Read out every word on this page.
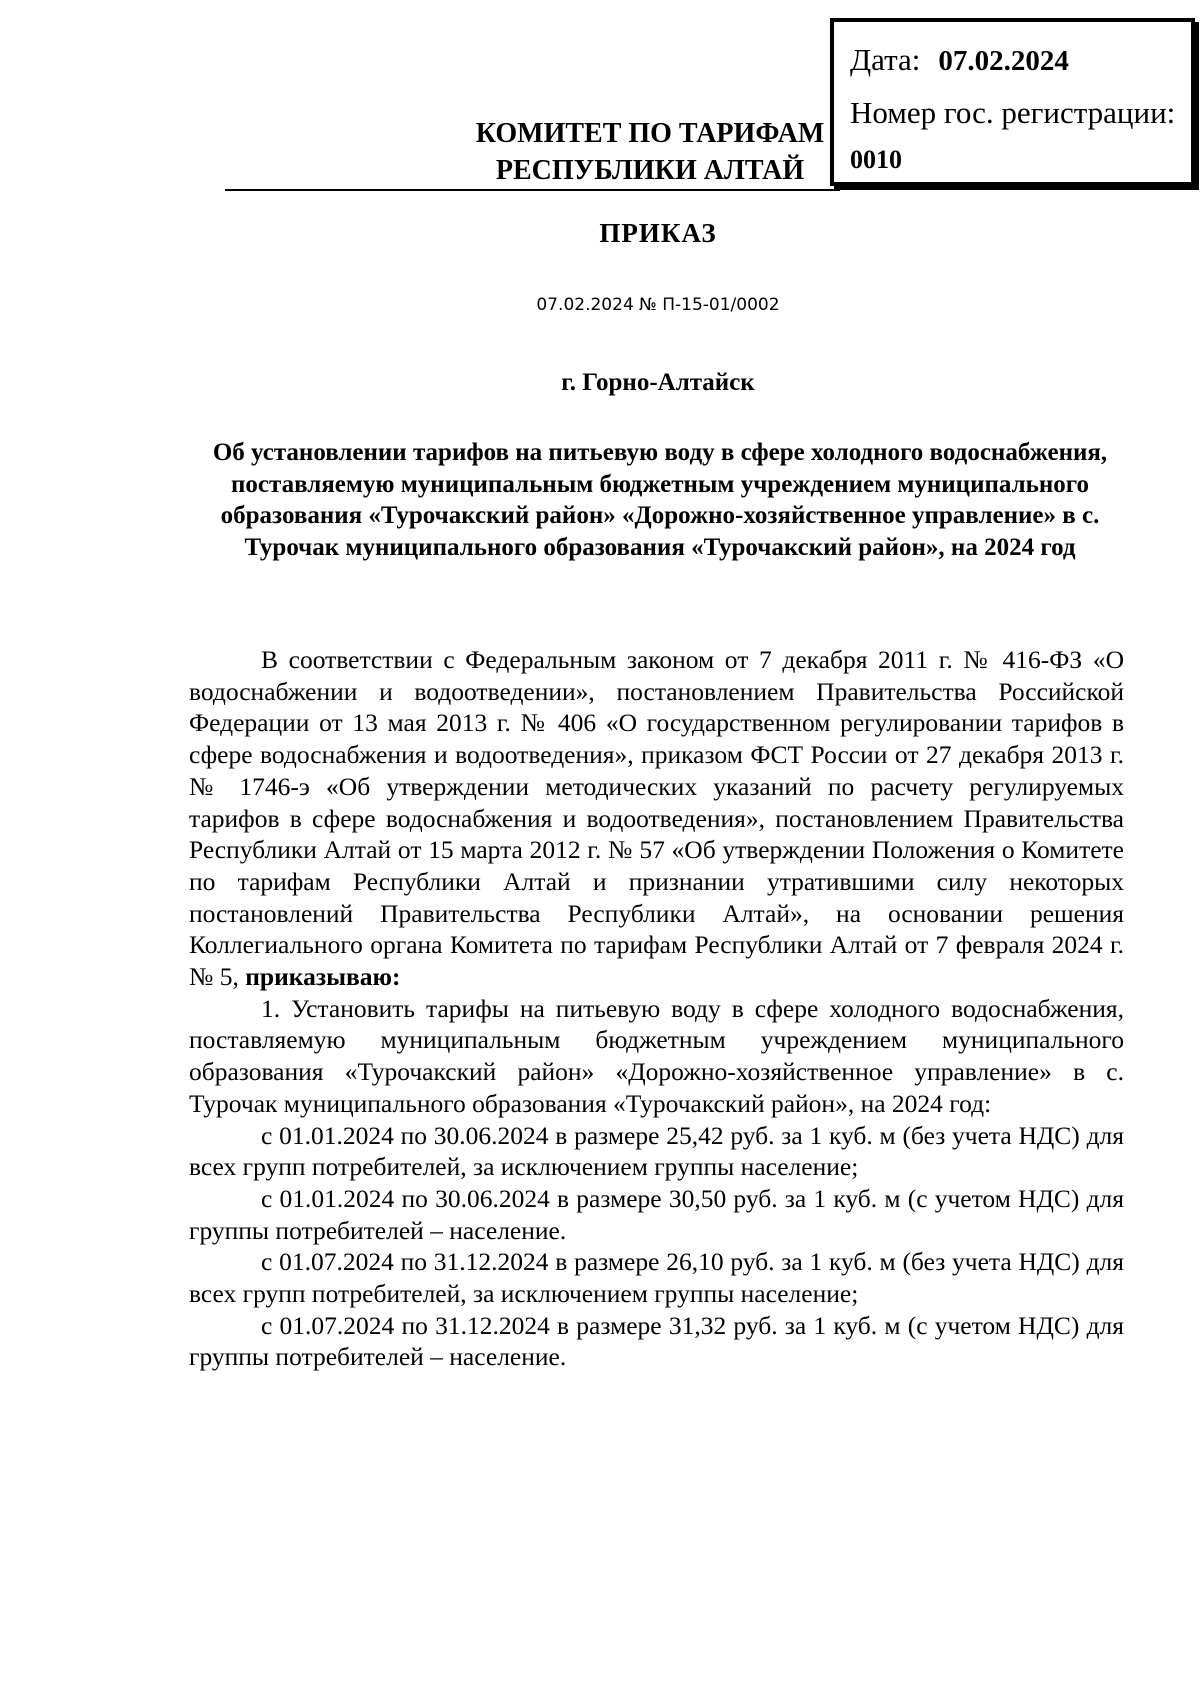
Дата: 07.02.2024
Номер гос. регистрации:
0010
КОМИТЕТ ПО ТАРИФАМ
РЕСПУБЛИКИ АЛТАЙ
ПРИКАЗ
07.02.2024 № П-15-01/0002
г. Горно-Алтайск
Об установлении тарифов на питьевую воду в сфере холодного водоснабжения, поставляемую муниципальным бюджетным учреждением муниципального образования «Турочакский район» «Дорожно-хозяйственное управление» в с. Турочак муниципального образования «Турочакский район», на 2024 год

В соответствии с Федеральным законом от 7 декабря 2011 г. № 416-ФЗ «О водоснабжении и водоотведении», постановлением Правительства Российской Федерации от 13 мая 2013 г. № 406 «О государственном регулировании тарифов в сфере водоснабжения и водоотведения», приказом ФСТ России от 27 декабря 2013 г. № 1746-э «Об утверждении методических указаний по расчету регулируемых тарифов в сфере водоснабжения и водоотведения», постановлением Правительства Республики Алтай от 15 марта 2012 г. № 57 «Об утверждении Положения о Комитете по тарифам Республики Алтай и признании утратившими силу некоторых постановлений Правительства Республики Алтай», на основании решения Коллегиального органа Комитета по тарифам Республики Алтай от 7 февраля 2024 г. № 5, приказываю:

1. Установить тарифы на питьевую воду в сфере холодного водоснабжения, поставляемую муниципальным бюджетным учреждением муниципального образования «Турочакский район» «Дорожно-хозяйственное управление» в с. Турочак муниципального образования «Турочакский район», на 2024 год:

с 01.01.2024 по 30.06.2024 в размере 25,42 руб. за 1 куб. м (без учета НДС) для всех групп потребителей, за исключением группы население;

с 01.01.2024 по 30.06.2024 в размере 30,50 руб. за 1 куб. м (с учетом НДС) для группы потребителей – население.

с 01.07.2024 по 31.12.2024 в размере 26,10 руб. за 1 куб. м (без учета НДС) для всех групп потребителей, за исключением группы население;

с 01.07.2024 по 31.12.2024 в размере 31,32 руб. за 1 куб. м (с учетом НДС) для группы потребителей – население.
